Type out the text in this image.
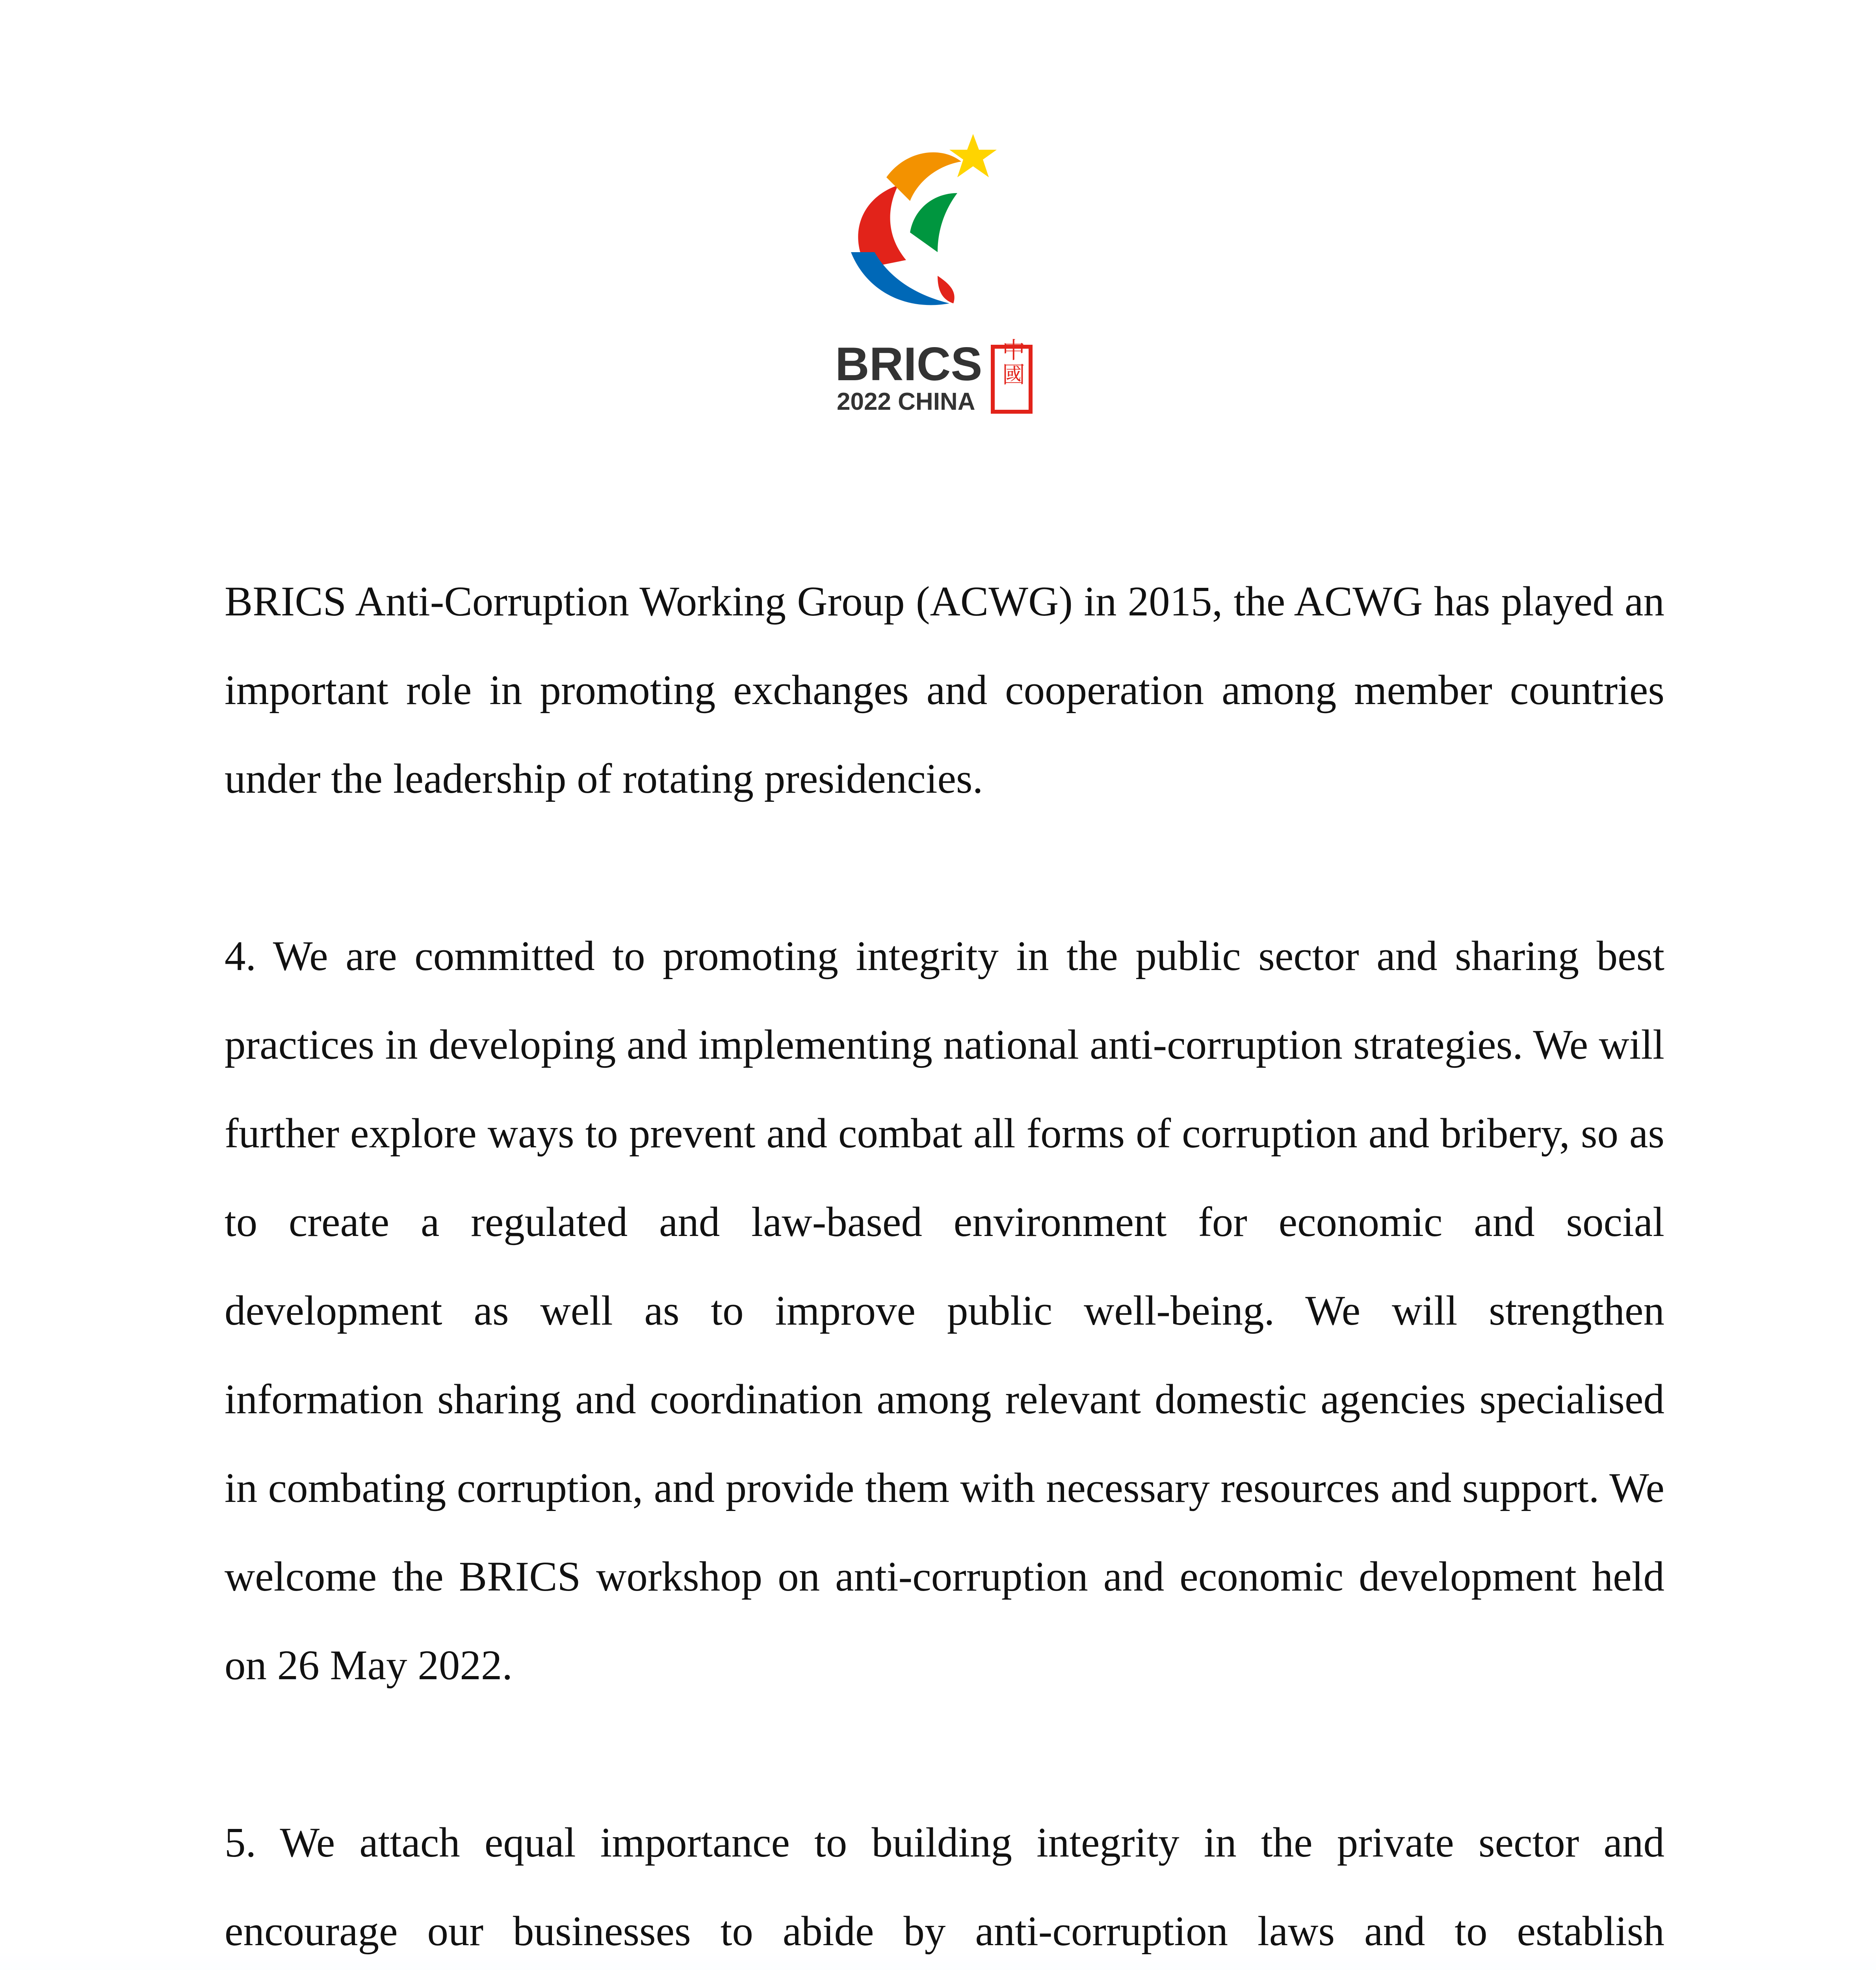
BRICS
2022 CHINA
中國

BRICS Anti-Corruption Working Group (ACWG) in 2015, the ACWG has played an important role in promoting exchanges and cooperation among member countries under the leadership of rotating presidencies.

4. We are committed to promoting integrity in the public sector and sharing best practices in developing and implementing national anti-corruption strategies. We will further explore ways to prevent and combat all forms of corruption and bribery, so as to create a regulated and law-based environment for economic and social development as well as to improve public well-being. We will strengthen information sharing and coordination among relevant domestic agencies specialised in combating corruption, and provide them with necessary resources and support. We welcome the BRICS workshop on anti-corruption and economic development held on 26 May 2022.

5. We attach equal importance to building integrity in the private sector and encourage our businesses to abide by anti-corruption laws and to establish
